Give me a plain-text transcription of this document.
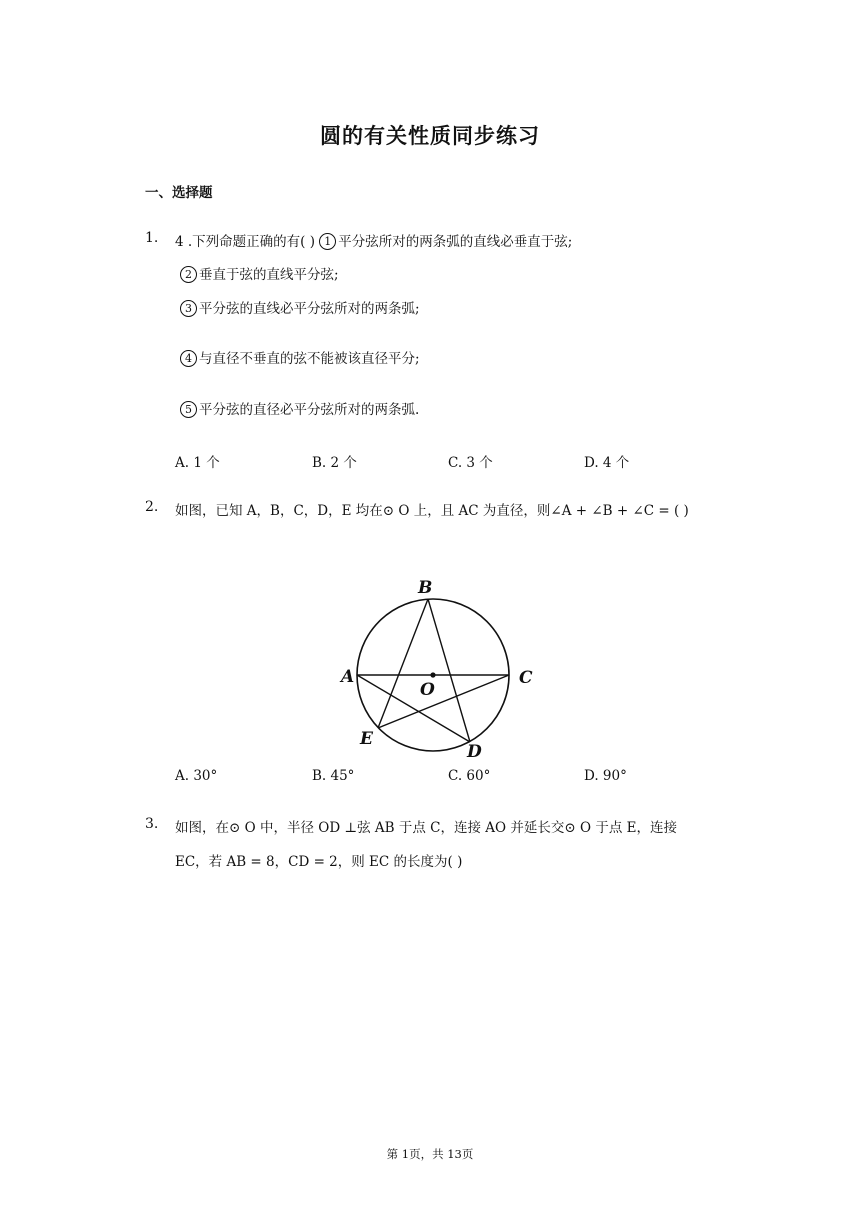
圆的有关性质同步练习
一、选择题
1. 4 .下列命题正确的有( ) 1 平分弦所对的两条弧的直线必垂直于弦;
2 垂直于弦的直线平分弦;
3 平分弦的直线必平分弦所对的两条弧;
4 与直径不垂直的弦不能被该直径平分;
5 平分弦的直径必平分弦所对的两条弧.
A. 1 个	B. 2 个	C. 3 个	D. 4 个
2. 如图，已知 A，B，C，D，E 均在⊙ O 上，且 AC 为直径，则∠A + ∠B + ∠C = ( )
B
A	C
O
E
D
A. 30°	B. 45°	C. 60°	D. 90°
3. 如图，在⊙ O 中，半径 OD ⊥弦 AB 于点 C，连接 AO 并延长交⊙ O 于点 E，连接
EC，若 AB = 8，CD = 2，则 EC 的长度为( )
第 1页，共 13页
